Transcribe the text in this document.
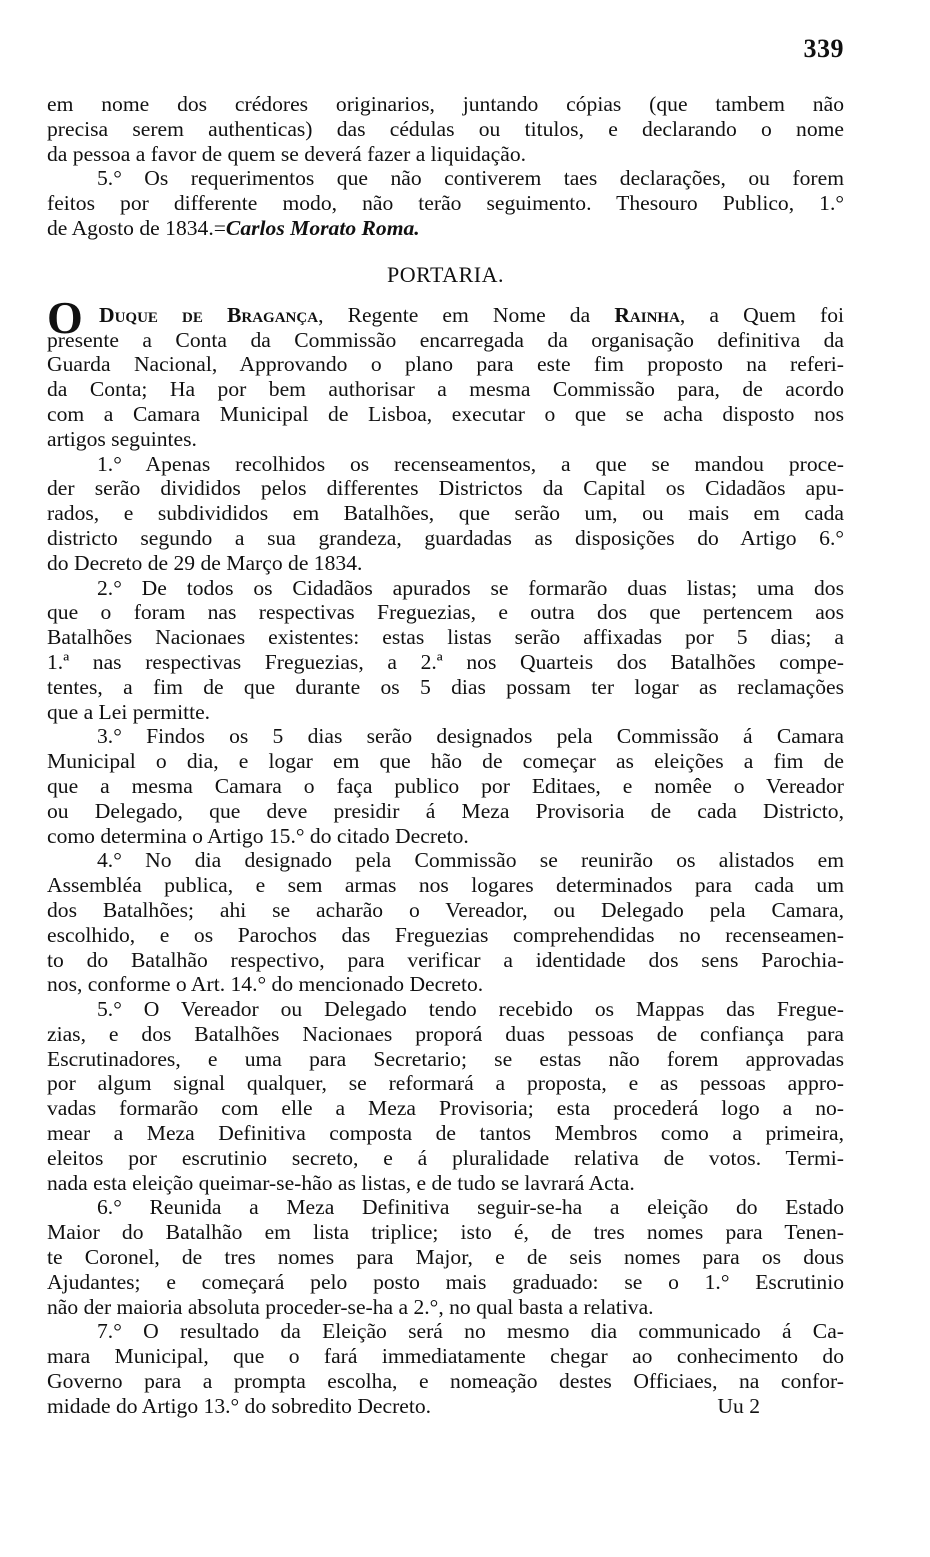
339
em nome dos crédores originarios, juntando cópias (que tambem não
precisa serem authenticas) das cédulas ou titulos, e declarando o nome
da pessoa a favor de quem se deverá fazer a liquidação.
5.° Os requerimentos que não contiverem taes declarações, ou forem
feitos por differente modo, não terão seguimento. Thesouro Publico, 1.°
de Agosto de 1834.=Carlos Morato Roma.
PORTARIA.
O Duque de Bragança, Regente em Nome da Rainha, a Quem foi
presente a Conta da Commissão encarregada da organisação definitiva da
Guarda Nacional, Approvando o plano para este fim proposto na referi-
da Conta; Ha por bem authorisar a mesma Commissão para, de acordo
com a Camara Municipal de Lisboa, executar o que se acha disposto nos
artigos seguintes.
1.° Apenas recolhidos os recenseamentos, a que se mandou proce-
der serão divididos pelos differentes Districtos da Capital os Cidadãos apu-
rados, e subdivididos em Batalhões, que serão um, ou mais em cada
districto segundo a sua grandeza, guardadas as disposições do Artigo 6.°
do Decreto de 29 de Março de 1834.
2.° De todos os Cidadãos apurados se formarão duas listas; uma dos
que o foram nas respectivas Freguezias, e outra dos que pertencem aos
Batalhões Nacionaes existentes: estas listas serão affixadas por 5 dias; a
1.ª nas respectivas Freguezias, a 2.ª nos Quarteis dos Batalhões compe-
tentes, a fim de que durante os 5 dias possam ter logar as reclamações
que a Lei permitte.
3.° Findos os 5 dias serão designados pela Commissão á Camara
Municipal o dia, e logar em que hão de começar as eleições a fim de
que a mesma Camara o faça publico por Editaes, e nomêe o Vereador
ou Delegado, que deve presidir á Meza Provisoria de cada Districto,
como determina o Artigo 15.° do citado Decreto.
4.° No dia designado pela Commissão se reunirão os alistados em
Assembléa publica, e sem armas nos logares determinados para cada um
dos Batalhões; ahi se acharão o Vereador, ou Delegado pela Camara,
escolhido, e os Parochos das Freguezias comprehendidas no recenseamen-
to do Batalhão respectivo, para verificar a identidade dos sens Parochia-
nos, conforme o Art. 14.° do mencionado Decreto.
5.° O Vereador ou Delegado tendo recebido os Mappas das Fregue-
zias, e dos Batalhões Nacionaes proporá duas pessoas de confiança para
Escrutinadores, e uma para Secretario; se estas não forem approvadas
por algum signal qualquer, se reformará a proposta, e as pessoas appro-
vadas formarão com elle a Meza Provisoria; esta procederá logo a no-
mear a Meza Definitiva composta de tantos Membros como a primeira,
eleitos por escrutinio secreto, e á pluralidade relativa de votos. Termi-
nada esta eleição queimar-se-hão as listas, e de tudo se lavrará Acta.
6.° Reunida a Meza Definitiva seguir-se-ha a eleição do Estado
Maior do Batalhão em lista triplice; isto é, de tres nomes para Tenen-
te Coronel, de tres nomes para Major, e de seis nomes para os dous
Ajudantes; e começará pelo posto mais graduado: se o 1.° Escrutinio
não der maioria absoluta proceder-se-ha a 2.°, no qual basta a relativa.
7.° O resultado da Eleição será no mesmo dia communicado á Ca-
mara Municipal, que o fará immediatamente chegar ao conhecimento do
Governo para a prompta escolha, e nomeação destes Officiaes, na confor-
midade do Artigo 13.° do sobredito Decreto.	Uu 2
